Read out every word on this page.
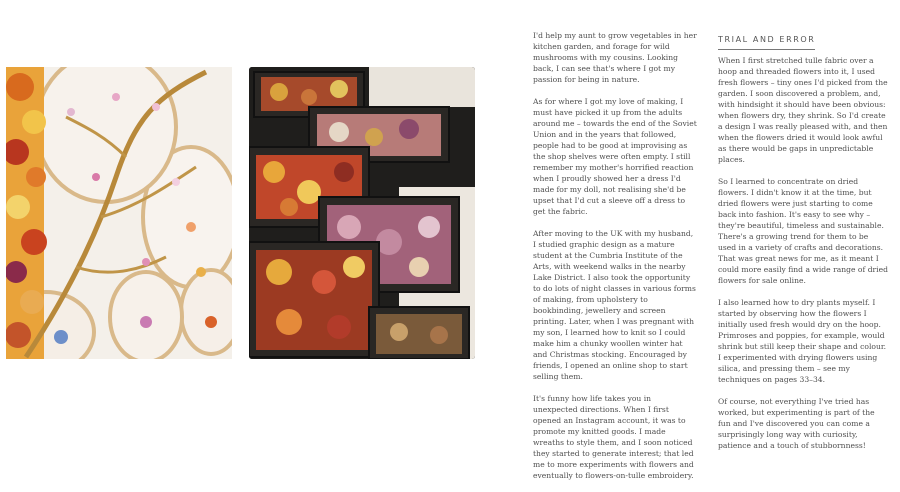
I'd help my aunt to grow vegetables in her kitchen garden, and forage for wild mushrooms with my cousins. Looking back, I can see that's where I got my passion for being in nature.

As for where I got my love of making, I must have picked it up from the adults around me – towards the end of the Soviet Union and in the years that followed, people had to be good at improvising as the shop shelves were often empty. I still remember my mother's horrified reaction when I proudly showed her a dress I'd made for my doll, not realising she'd be upset that I'd cut a sleeve off a dress to get the fabric.

After moving to the UK with my husband, I studied graphic design as a mature student at the Cumbria Institute of the Arts, with weekend walks in the nearby Lake District. I also took the opportunity to do lots of night classes in various forms of making, from upholstery to bookbinding, jewellery and screen printing. Later, when I was pregnant with my son, I learned how to knit so I could make him a chunky woollen winter hat and Christmas stocking. Encouraged by friends, I opened an online shop to start selling them.

It's funny how life takes you in unexpected directions. When I first opened an Instagram account, it was to promote my knitted goods. I made wreaths to style them, and I soon noticed they started to generate interest; that led me to more experiments with flowers and eventually to flowers-on-tulle embroidery.

TRIAL AND ERROR

When I first stretched tulle fabric over a hoop and threaded flowers into it, I used fresh flowers – tiny ones I'd picked from the garden. I soon discovered a problem, and, with hindsight it should have been obvious: when flowers dry, they shrink. So I'd create a design I was really pleased with, and then when the flowers dried it would look awful as there would be gaps in unpredictable places.

So I learned to concentrate on dried flowers. I didn't know it at the time, but dried flowers were just starting to come back into fashion. It's easy to see why – they're beautiful, timeless and sustainable. There's a growing trend for them to be used in a variety of crafts and decorations. That was great news for me, as it meant I could more easily find a wide range of dried flowers for sale online.

I also learned how to dry plants myself. I started by observing how the flowers I initially used fresh would dry on the hoop. Primroses and poppies, for example, would shrink but still keep their shape and colour. I experimented with drying flowers using silica, and pressing them – see my techniques on pages 33–34.

Of course, not everything I've tried has worked, but experimenting is part of the fun and I've discovered you can come a surprisingly long way with curiosity, patience and a touch of stubbornness!
